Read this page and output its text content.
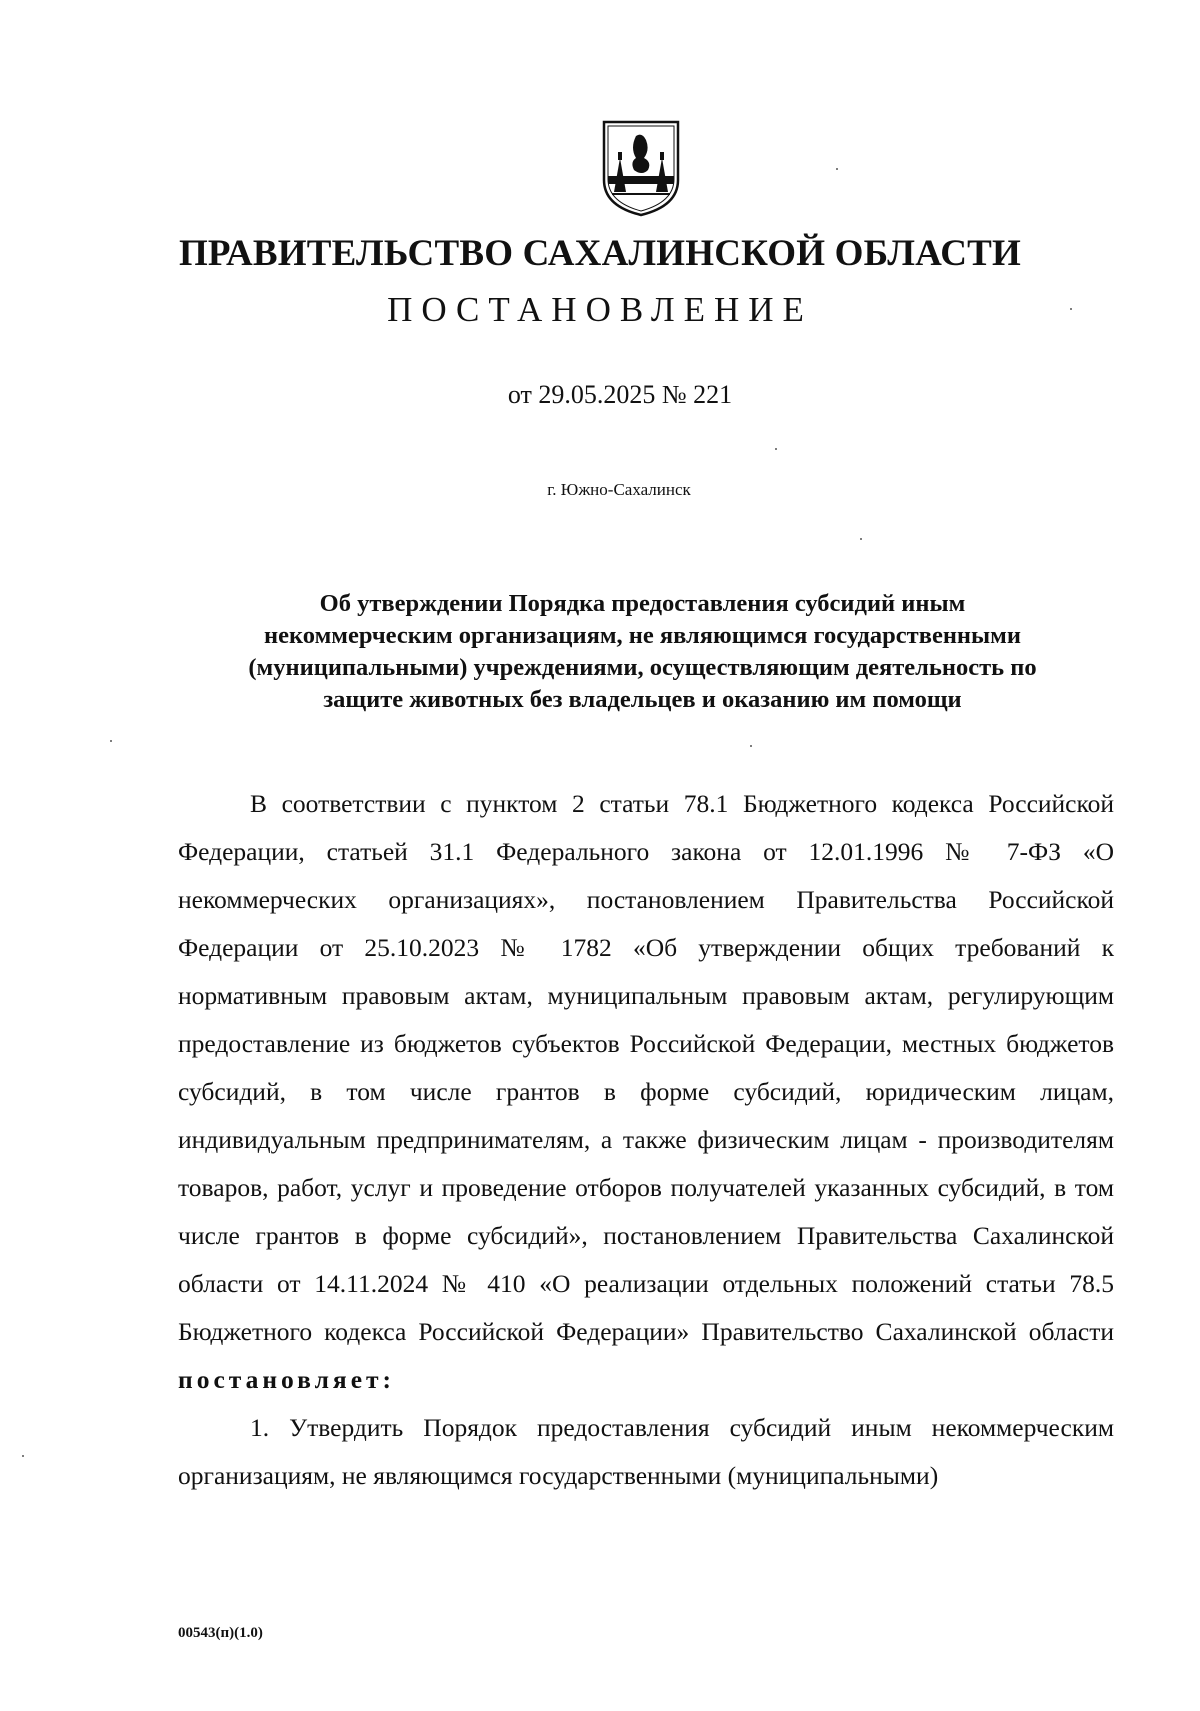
ПРАВИТЕЛЬСТВО САХАЛИНСКОЙ ОБЛАСТИ
ПОСТАНОВЛЕНИЕ
от 29.05.2025 № 221
г. Южно-Сахалинск
Об утверждении Порядка предоставления субсидий иным
некоммерческим организациям, не являющимся государственными
(муниципальными) учреждениями, осуществляющим деятельность по
защите животных без владельцев и оказанию им помощи

В соответствии с пунктом 2 статьи 78.1 Бюджетного кодекса Российской Федерации, статьей 31.1 Федерального закона от 12.01.1996 № 7-ФЗ «О некоммерческих организациях», постановлением Правительства Российской Федерации от 25.10.2023 № 1782 «Об утверждении общих требований к нормативным правовым актам, муниципальным правовым актам, регулирующим предоставление из бюджетов субъектов Российской Федерации, местных бюджетов субсидий, в том числе грантов в форме субсидий, юридическим лицам, индивидуальным предпринимателям, а также физическим лицам - производителям товаров, работ, услуг и проведение отборов получателей указанных субсидий, в том числе грантов в форме субсидий», постановлением Правительства Сахалинской области от 14.11.2024 № 410 «О реализации отдельных положений статьи 78.5 Бюджетного кодекса Российской Федерации» Правительство Сахалинской области постановляет:

1. Утвердить Порядок предоставления субсидий иным некоммерческим организациям, не являющимся государственными (муниципальными)

00543(п)(1.0)
